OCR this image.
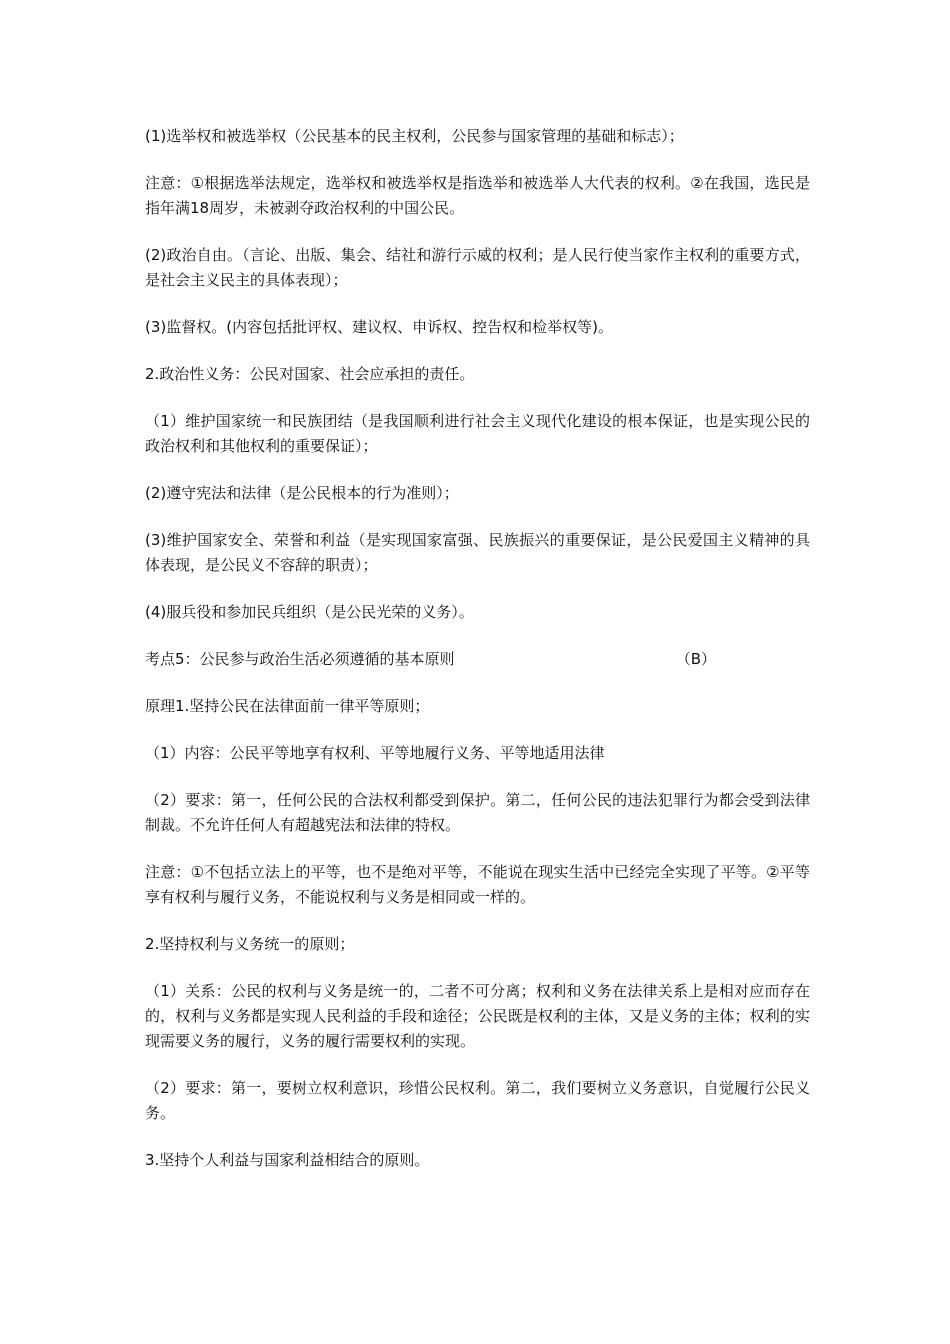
(1)选举权和被选举权（公民基本的民主权利，公民参与国家管理的基础和标志）；

注意：①根据选举法规定，选举权和被选举权是指选举和被选举人大代表的权利。②在我国，选民是指年满18周岁，未被剥夺政治权利的中国公民。

(2)政治自由。（言论、出版、集会、结社和游行示威的权利；是人民行使当家作主权利的重要方式，是社会主义民主的具体表现）；

(3)监督权。(内容包括批评权、建议权、申诉权、控告权和检举权等)。

2.政治性义务：公民对国家、社会应承担的责任。

（1）维护国家统一和民族团结（是我国顺利进行社会主义现代化建设的根本保证，也是实现公民的政治权利和其他权利的重要保证）；

(2)遵守宪法和法律（是公民根本的行为准则）；

(3)维护国家安全、荣誉和利益（是实现国家富强、民族振兴的重要保证，是公民爱国主义精神的具体表现，是公民义不容辞的职责）；

(4)服兵役和参加民兵组织（是公民光荣的义务）。

考点5：公民参与政治生活必须遵循的基本原则	（B）

原理1.坚持公民在法律面前一律平等原则；

（1）内容：公民平等地享有权利、平等地履行义务、平等地适用法律

（2）要求：第一，任何公民的合法权利都受到保护。第二，任何公民的违法犯罪行为都会受到法律制裁。不允许任何人有超越宪法和法律的特权。

注意：①不包括立法上的平等，也不是绝对平等，不能说在现实生活中已经完全实现了平等。②平等享有权利与履行义务，不能说权利与义务是相同或一样的。

2.坚持权利与义务统一的原则；

（1）关系：公民的权利与义务是统一的，二者不可分离；权利和义务在法律关系上是相对应而存在的，权利与义务都是实现人民利益的手段和途径；公民既是权利的主体，又是义务的主体；权利的实现需要义务的履行，义务的履行需要权利的实现。

（2）要求：第一，要树立权利意识，珍惜公民权利。第二，我们要树立义务意识，自觉履行公民义务。

3.坚持个人利益与国家利益相结合的原则。
